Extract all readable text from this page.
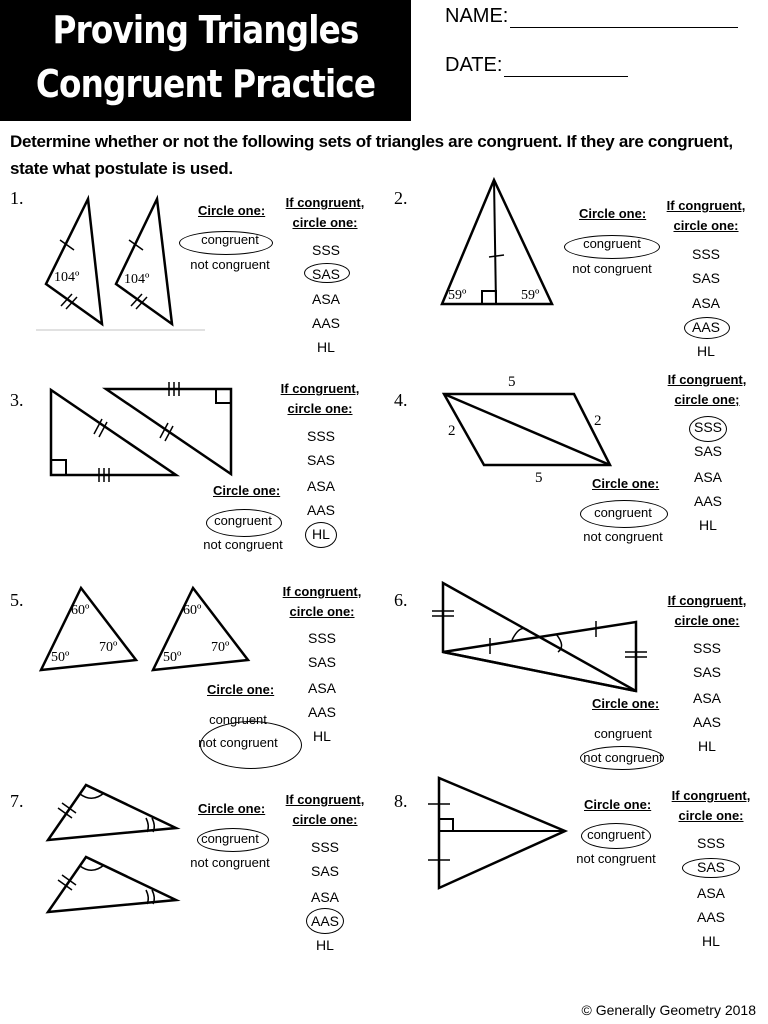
Proving Triangles
Congruent Practice
NAME:
DATE:
Determine whether or not the following sets of triangles are congruent. If they are congruent, state what postulate is used.
1.
104º	104º
Circle one:
congruent
not congruent
If congruent,
circle one:
SSS
SAS
ASA
AAS
HL
2.
59º	59º
Circle one:
congruent
not congruent
If congruent,
circle one:
SSS
SAS
ASA
AAS
HL
3.
Circle one:
congruent
not congruent
If congruent,
circle one:
SSS
SAS
ASA
AAS
HL
4.
5
2
2
5	Circle one:
congruent
not congruent
If congruent,
circle one;
SSS
SAS
ASA
AAS
HL
5.
60º
70º
50º
60º
70º
50º
Circle one:
congruent
not congruent
If congruent,
circle one:
SSS
SAS
ASA
AAS
HL
6.
Circle one:
congruent
not congruent
If congruent,
circle one:
SSS
SAS
ASA
AAS
HL
7.	Circle one:
congruent
not congruent
If congruent,
circle one:
SSS
SAS
ASA
AAS
HL
8.	Circle one:
congruent
not congruent
If congruent,
circle one:
SSS
SAS
ASA
AAS
HL
© Generally Geometry 2018
